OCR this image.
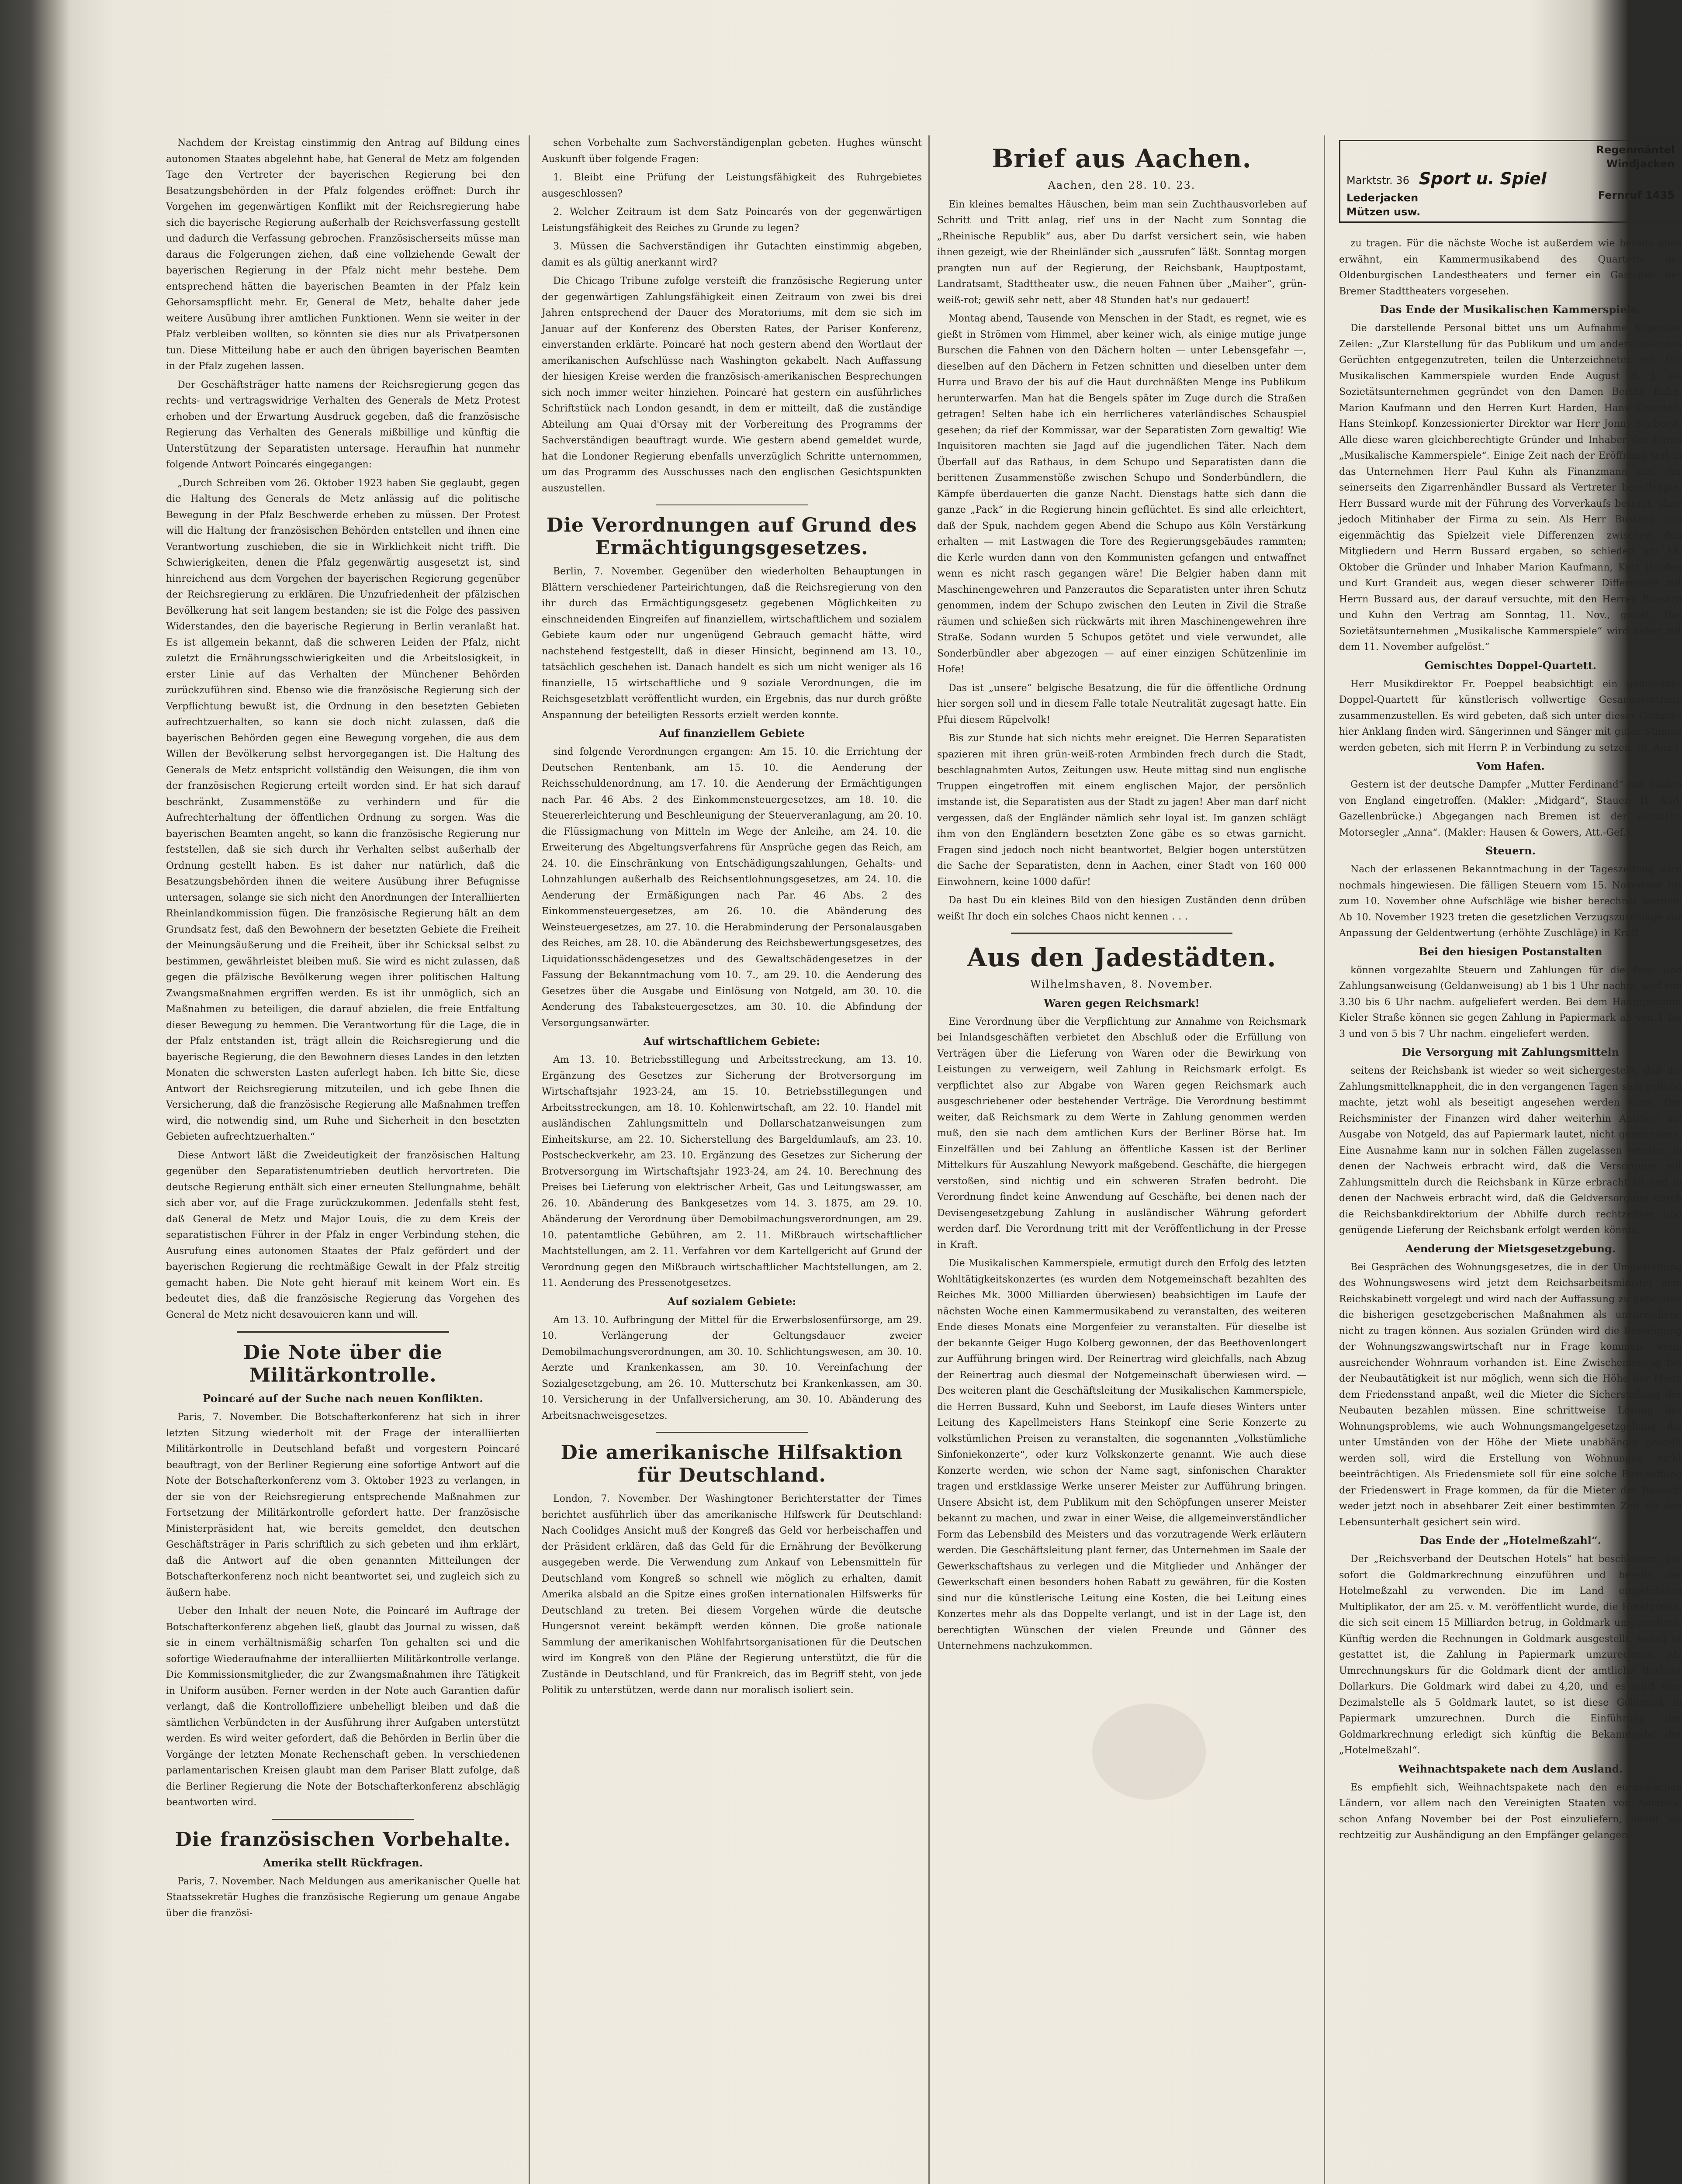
Nachdem der Kreistag einstimmig den Antrag auf Bildung eines autonomen Staates abgelehnt habe, hat General de Metz am folgenden Tage den Vertreter der bayerischen Regierung bei den Besatzungsbehörden in der Pfalz folgendes eröffnet: Durch ihr Vorgehen im gegenwärtigen Konflikt mit der Reichsregierung habe sich die bayerische Regierung außerhalb der Reichsverfassung gestellt und dadurch die Verfassung gebrochen. Französischerseits müsse man daraus die Folgerungen ziehen, daß eine vollziehende Gewalt der bayerischen Regierung in der Pfalz nicht mehr bestehe. Dem entsprechend hätten die bayerischen Beamten in der Pfalz kein Gehorsamspflicht mehr. Er, General de Metz, behalte daher jede weitere Ausübung ihrer amtlichen Funktionen. Wenn sie weiter in der Pfalz verbleiben wollten, so könnten sie dies nur als Privatpersonen tun. Diese Mitteilung habe er auch den übrigen bayerischen Beamten in der Pfalz zugehen lassen.

Der Geschäftsträger hatte namens der Reichsregierung gegen das rechts- und vertragswidrige Verhalten des Generals de Metz Protest erhoben und der Erwartung Ausdruck gegeben, daß die französische Regierung das Verhalten des Generals mißbillige und künftig die Unterstützung der Separatisten untersage. Heraufhin hat nunmehr folgende Antwort Poincarés eingegangen:

„Durch Schreiben vom 26. Oktober 1923 haben Sie geglaubt, gegen die Haltung des Generals de Metz anlässig auf die politische Bewegung in der Pfalz Beschwerde erheben zu müssen. Der Protest will die Haltung der französischen Behörden entstellen und ihnen eine Verantwortung zuschieben, die sie in Wirklichkeit nicht trifft. Die Schwierigkeiten, denen die Pfalz gegenwärtig ausgesetzt ist, sind hinreichend aus dem Vorgehen der bayerischen Regierung gegenüber der Reichsregierung zu erklären. Die Unzufriedenheit der pfälzischen Bevölkerung hat seit langem bestanden; sie ist die Folge des passiven Widerstandes, den die bayerische Regierung in Berlin veranlaßt hat. Es ist allgemein bekannt, daß die schweren Leiden der Pfalz, nicht zuletzt die Ernährungsschwierigkeiten und die Arbeitslosigkeit, in erster Linie auf das Verhalten der Münchener Behörden zurückzuführen sind. Ebenso wie die französische Regierung sich der Verpflichtung bewußt ist, die Ordnung in den besetzten Gebieten aufrechtzuerhalten, so kann sie doch nicht zulassen, daß die bayerischen Behörden gegen eine Bewegung vorgehen, die aus dem Willen der Bevölkerung selbst hervorgegangen ist. Die Haltung des Generals de Metz entspricht vollständig den Weisungen, die ihm von der französischen Regierung erteilt worden sind. Er hat sich darauf beschränkt, Zusammenstöße zu verhindern und für die Aufrechterhaltung der öffentlichen Ordnung zu sorgen. Was die bayerischen Beamten angeht, so kann die französische Regierung nur feststellen, daß sie sich durch ihr Verhalten selbst außerhalb der Ordnung gestellt haben. Es ist daher nur natürlich, daß die Besatzungsbehörden ihnen die weitere Ausübung ihrer Befugnisse untersagen, solange sie sich nicht den Anordnungen der Interalliierten Rheinlandkommission fügen. Die französische Regierung hält an dem Grundsatz fest, daß den Bewohnern der besetzten Gebiete die Freiheit der Meinungsäußerung und die Freiheit, über ihr Schicksal selbst zu bestimmen, gewährleistet bleiben muß. Sie wird es nicht zulassen, daß gegen die pfälzische Bevölkerung wegen ihrer politischen Haltung Zwangsmaßnahmen ergriffen werden. Es ist ihr unmöglich, sich an Maßnahmen zu beteiligen, die darauf abzielen, die freie Entfaltung dieser Bewegung zu hemmen. Die Verantwortung für die Lage, die in der Pfalz entstanden ist, trägt allein die Reichsregierung und die bayerische Regierung, die den Bewohnern dieses Landes in den letzten Monaten die schwersten Lasten auferlegt haben. Ich bitte Sie, diese Antwort der Reichsregierung mitzuteilen, und ich gebe Ihnen die Versicherung, daß die französische Regierung alle Maßnahmen treffen wird, die notwendig sind, um Ruhe und Sicherheit in den besetzten Gebieten aufrechtzuerhalten.“

Diese Antwort läßt die Zweideutigkeit der französischen Haltung gegenüber den Separatistenumtrieben deutlich hervortreten. Die deutsche Regierung enthält sich einer erneuten Stellungnahme, behält sich aber vor, auf die Frage zurückzukommen. Jedenfalls steht fest, daß General de Metz und Major Louis, die zu dem Kreis der separatistischen Führer in der Pfalz in enger Verbindung stehen, die Ausrufung eines autonomen Staates der Pfalz gefördert und der bayerischen Regierung die rechtmäßige Gewalt in der Pfalz streitig gemacht haben. Die Note geht hierauf mit keinem Wort ein. Es bedeutet dies, daß die französische Regierung das Vorgehen des General de Metz nicht desavouieren kann und will.

Die Note über die Militärkontrolle.
Poincaré auf der Suche nach neuen Konflikten.

Paris, 7. November. Die Botschafterkonferenz hat sich in ihrer letzten Sitzung wiederholt mit der Frage der interalliierten Militärkontrolle in Deutschland befaßt und vorgestern Poincaré beauftragt, von der Berliner Regierung eine sofortige Antwort auf die Note der Botschafterkonferenz vom 3. Oktober 1923 zu verlangen, in der sie von der Reichsregierung entsprechende Maßnahmen zur Fortsetzung der Militärkontrolle gefordert hatte. Der französische Ministerpräsident hat, wie bereits gemeldet, den deutschen Geschäftsträger in Paris schriftlich zu sich gebeten und ihm erklärt, daß die Antwort auf die oben genannten Mitteilungen der Botschafterkonferenz noch nicht beantwortet sei, und zugleich sich zu äußern habe.

Ueber den Inhalt der neuen Note, die Poincaré im Auftrage der Botschafterkonferenz abgehen ließ, glaubt das Journal zu wissen, daß sie in einem verhältnismäßig scharfen Ton gehalten sei und die sofortige Wiederaufnahme der interalliierten Militärkontrolle verlange. Die Kommissionsmitglieder, die zur Zwangsmaßnahmen ihre Tätigkeit in Uniform ausüben. Ferner werden in der Note auch Garantien dafür verlangt, daß die Kontrolloffiziere unbehelligt bleiben und daß die sämtlichen Verbündeten in der Ausführung ihrer Aufgaben unterstützt werden. Es wird weiter gefordert, daß die Behörden in Berlin über die Vorgänge der letzten Monate Rechenschaft geben. In verschiedenen parlamentarischen Kreisen glaubt man dem Pariser Blatt zufolge, daß die Berliner Regierung die Note der Botschafterkonferenz abschlägig beantworten wird.

Die französischen Vorbehalte.
Amerika stellt Rückfragen.

Paris, 7. November. Nach Meldungen aus amerikanischer Quelle hat Staatssekretär Hughes die französische Regierung um genaue Angabe über die französi-

schen Vorbehalte zum Sachverständigenplan gebeten. Hughes wünscht Auskunft über folgende Fragen:

1. Bleibt eine Prüfung der Leistungsfähigkeit des Ruhrgebietes ausgeschlossen?

2. Welcher Zeitraum ist dem Satz Poincarés von der gegenwärtigen Leistungsfähigkeit des Reiches zu Grunde zu legen?

3. Müssen die Sachverständigen ihr Gutachten einstimmig abgeben, damit es als gültig anerkannt wird?

Die Chicago Tribune zufolge versteift die französische Regierung unter der gegenwärtigen Zahlungsfähigkeit einen Zeitraum von zwei bis drei Jahren entsprechend der Dauer des Moratoriums, mit dem sie sich im Januar auf der Konferenz des Obersten Rates, der Pariser Konferenz, einverstanden erklärte. Poincaré hat noch gestern abend den Wortlaut der amerikanischen Aufschlüsse nach Washington gekabelt. Nach Auffassung der hiesigen Kreise werden die französisch-amerikanischen Besprechungen sich noch immer weiter hinziehen. Poincaré hat gestern ein ausführliches Schriftstück nach London gesandt, in dem er mitteilt, daß die zuständige Abteilung am Quai d'Orsay mit der Vorbereitung des Programms der Sachverständigen beauftragt wurde. Wie gestern abend gemeldet wurde, hat die Londoner Regierung ebenfalls unverzüglich Schritte unternommen, um das Programm des Ausschusses nach den englischen Gesichtspunkten auszustellen.

Die Verordnungen auf Grund des Ermächtigungsgesetzes.

Berlin, 7. November. Gegenüber den wiederholten Behauptungen in Blättern verschiedener Parteirichtungen, daß die Reichsregierung von den ihr durch das Ermächtigungsgesetz gegebenen Möglichkeiten zu einschneidenden Eingreifen auf finanziellem, wirtschaftlichem und sozialem Gebiete kaum oder nur ungenügend Gebrauch gemacht hätte, wird nachstehend festgestellt, daß in dieser Hinsicht, beginnend am 13. 10., tatsächlich geschehen ist. Danach handelt es sich um nicht weniger als 16 finanzielle, 15 wirtschaftliche und 9 soziale Verordnungen, die im Reichsgesetzblatt veröffentlicht wurden, ein Ergebnis, das nur durch größte Anspannung der beteiligten Ressorts erzielt werden konnte.

Auf finanziellem Gebiete

sind folgende Verordnungen ergangen: Am 15. 10. die Errichtung der Deutschen Rentenbank, am 15. 10. die Aenderung der Reichsschuldenordnung, am 17. 10. die Aenderung der Ermächtigungen nach Par. 46 Abs. 2 des Einkommensteuergesetzes, am 18. 10. die Steuererleichterung und Beschleunigung der Steuerveranlagung, am 20. 10. die Flüssigmachung von Mitteln im Wege der Anleihe, am 24. 10. die Erweiterung des Abgeltungsverfahrens für Ansprüche gegen das Reich, am 24. 10. die Einschränkung von Entschädigungszahlungen, Gehalts- und Lohnzahlungen außerhalb des Reichsentlohnungsgesetzes, am 24. 10. die Aenderung der Ermäßigungen nach Par. 46 Abs. 2 des Einkommensteuergesetzes, am 26. 10. die Abänderung des Weinsteuergesetzes, am 27. 10. die Herabminderung der Personalausgaben des Reiches, am 28. 10. die Abänderung des Reichsbewertungsgesetzes, des Liquidationsschädengesetzes und des Gewaltschädengesetzes in der Fassung der Bekanntmachung vom 10. 7., am 29. 10. die Aenderung des Gesetzes über die Ausgabe und Einlösung von Notgeld, am 30. 10. die Aenderung des Tabaksteuergesetzes, am 30. 10. die Abfindung der Versorgungsanwärter.

Auf wirtschaftlichem Gebiete:

Am 13. 10. Betriebsstillegung und Arbeitsstreckung, am 13. 10. Ergänzung des Gesetzes zur Sicherung der Brotversorgung im Wirtschaftsjahr 1923-24, am 15. 10. Betriebsstillegungen und Arbeitsstreckungen, am 18. 10. Kohlenwirtschaft, am 22. 10. Handel mit ausländischen Zahlungsmitteln und Dollarschatzanweisungen zum Einheitskurse, am 22. 10. Sicherstellung des Bargeldumlaufs, am 23. 10. Postscheckverkehr, am 23. 10. Ergänzung des Gesetzes zur Sicherung der Brotversorgung im Wirtschaftsjahr 1923-24, am 24. 10. Berechnung des Preises bei Lieferung von elektrischer Arbeit, Gas und Leitungswasser, am 26. 10. Abänderung des Bankgesetzes vom 14. 3. 1875, am 29. 10. Abänderung der Verordnung über Demobilmachungsverordnungen, am 29. 10. patentamtliche Gebühren, am 2. 11. Mißbrauch wirtschaftlicher Machtstellungen, am 2. 11. Verfahren vor dem Kartellgericht auf Grund der Verordnung gegen den Mißbrauch wirtschaftlicher Machtstellungen, am 2. 11. Aenderung des Pressenotgesetzes.

Auf sozialem Gebiete:

Am 13. 10. Aufbringung der Mittel für die Erwerbslosenfürsorge, am 29. 10. Verlängerung der Geltungsdauer zweier Demobilmachungsverordnungen, am 30. 10. Schlichtungswesen, am 30. 10. Aerzte und Krankenkassen, am 30. 10. Vereinfachung der Sozialgesetzgebung, am 26. 10. Mutterschutz bei Krankenkassen, am 30. 10. Versicherung in der Unfallversicherung, am 30. 10. Abänderung des Arbeitsnachweisgesetzes.

Die amerikanische Hilfsaktion für Deutschland.

London, 7. November. Der Washingtoner Berichterstatter der Times berichtet ausführlich über das amerikanische Hilfswerk für Deutschland: Nach Coolidges Ansicht muß der Kongreß das Geld vor herbeischaffen und der Präsident erklären, daß das Geld für die Ernährung der Bevölkerung ausgegeben werde. Die Verwendung zum Ankauf von Lebensmitteln für Deutschland vom Kongreß so schnell wie möglich zu erhalten, damit Amerika alsbald an die Spitze eines großen internationalen Hilfswerks für Deutschland zu treten. Bei diesem Vorgehen würde die deutsche Hungersnot vereint bekämpft werden können. Die große nationale Sammlung der amerikanischen Wohlfahrtsorganisationen für die Deutschen wird im Kongreß von den Pläne der Regierung unterstützt, die für die Zustände in Deutschland, und für Frankreich, das im Begriff steht, von jede Politik zu unterstützen, werde dann nur moralisch isoliert sein.

Brief aus Aachen.
Aachen, den 28. 10. 23.

Ein kleines bemaltes Häuschen, beim man sein Zuchthausvorleben auf Schritt und Tritt anlag, rief uns in der Nacht zum Sonntag die „Rheinische Republik“ aus, aber Du darfst versichert sein, wie haben ihnen gezeigt, wie der Rheinländer sich „aussrufen“ läßt. Sonntag morgen prangten nun auf der Regierung, der Reichsbank, Hauptpostamt, Landratsamt, Stadttheater usw., die neuen Fahnen über „Maiher“, grün-weiß-rot; gewiß sehr nett, aber 48 Stunden hat's nur gedauert!

Montag abend, Tausende von Menschen in der Stadt, es regnet, wie es gießt in Strömen vom Himmel, aber keiner wich, als einige mutige junge Burschen die Fahnen von den Dächern holten — unter Lebensgefahr —, dieselben auf den Dächern in Fetzen schnitten und dieselben unter dem Hurra und Bravo der bis auf die Haut durchnäßten Menge ins Publikum herunterwarfen. Man hat die Bengels später im Zuge durch die Straßen getragen! Selten habe ich ein herrlicheres vaterländisches Schauspiel gesehen; da rief der Kommissar, war der Separatisten Zorn gewaltig! Wie Inquisitoren machten sie Jagd auf die jugendlichen Täter. Nach dem Überfall auf das Rathaus, in dem Schupo und Separatisten dann die berittenen Zusammenstöße zwischen Schupo und Sonderbündlern, die Kämpfe überdauerten die ganze Nacht. Dienstags hatte sich dann die ganze „Pack“ in die Regierung hinein geflüchtet. Es sind alle erleichtert, daß der Spuk, nachdem gegen Abend die Schupo aus Köln Verstärkung erhalten — mit Lastwagen die Tore des Regierungsgebäudes rammten; die Kerle wurden dann von den Kommunisten gefangen und entwaffnet wenn es nicht rasch gegangen wäre! Die Belgier haben dann mit Maschinengewehren und Panzerautos die Separatisten unter ihren Schutz genommen, indem der Schupo zwischen den Leuten in Zivil die Straße räumen und schießen sich rückwärts mit ihren Maschinengewehren ihre Straße. Sodann wurden 5 Schupos getötet und viele verwundet, alle Sonderbündler aber abgezogen — auf einer einzigen Schützenlinie im Hofe!

Das ist „unsere“ belgische Besatzung, die für die öffentliche Ordnung hier sorgen soll und in diesem Falle totale Neutralität zugesagt hatte. Ein Pfui diesem Rüpelvolk!

Bis zur Stunde hat sich nichts mehr ereignet. Die Herren Separatisten spazieren mit ihren grün-weiß-roten Armbinden frech durch die Stadt, beschlagnahmten Autos, Zeitungen usw. Heute mittag sind nun englische Truppen eingetroffen mit einem englischen Major, der persönlich imstande ist, die Separatisten aus der Stadt zu jagen! Aber man darf nicht vergessen, daß der Engländer nämlich sehr loyal ist. Im ganzen schlägt ihm von den Engländern besetzten Zone gäbe es so etwas garnicht. Fragen sind jedoch noch nicht beantwortet, Belgier bogen unterstützen die Sache der Separatisten, denn in Aachen, einer Stadt von 160 000 Einwohnern, keine 1000 dafür!

Da hast Du ein kleines Bild von den hiesigen Zuständen denn drüben weißt Ihr doch ein solches Chaos nicht kennen . . .

Aus den Jadestädten.
Wilhelmshaven, 8. November.
Waren gegen Reichsmark!

Eine Verordnung über die Verpflichtung zur Annahme von Reichsmark bei Inlandsgeschäften verbietet den Abschluß oder die Erfüllung von Verträgen über die Lieferung von Waren oder die Bewirkung von Leistungen zu verweigern, weil Zahlung in Reichsmark erfolgt. Es verpflichtet also zur Abgabe von Waren gegen Reichsmark auch ausgeschriebener oder bestehender Verträge. Die Verordnung bestimmt weiter, daß Reichsmark zu dem Werte in Zahlung genommen werden muß, den sie nach dem amtlichen Kurs der Berliner Börse hat. Im Einzelfällen und bei Zahlung an öffentliche Kassen ist der Berliner Mittelkurs für Auszahlung Newyork maßgebend. Geschäfte, die hiergegen verstoßen, sind nichtig und ein schweren Strafen bedroht. Die Verordnung findet keine Anwendung auf Geschäfte, bei denen nach der Devisengesetzgebung Zahlung in ausländischer Währung gefordert werden darf. Die Verordnung tritt mit der Veröffentlichung in der Presse in Kraft.

Die Musikalischen Kammerspiele, ermutigt durch den Erfolg des letzten Wohltätigkeitskonzertes (es wurden dem Notgemeinschaft bezahlten des Reiches Mk. 3000 Milliarden überwiesen) beabsichtigen im Laufe der nächsten Woche einen Kammermusikabend zu veranstalten, des weiteren Ende dieses Monats eine Morgenfeier zu veranstalten. Für dieselbe ist der bekannte Geiger Hugo Kolberg gewonnen, der das Beethovenlongert zur Aufführung bringen wird. Der Reinertrag wird gleichfalls, nach Abzug der Reinertrag auch diesmal der Notgemeinschaft überwiesen wird. — Des weiteren plant die Geschäftsleitung der Musikalischen Kammerspiele, die Herren Bussard, Kuhn und Seeborst, im Laufe dieses Winters unter Leitung des Kapellmeisters Hans Steinkopf eine Serie Konzerte zu volkstümlichen Preisen zu veranstalten, die sogenannten „Volkstümliche Sinfoniekonzerte“, oder kurz Volkskonzerte genannt. Wie auch diese Konzerte werden, wie schon der Name sagt, sinfonischen Charakter tragen und erstklassige Werke unserer Meister zur Aufführung bringen. Unsere Absicht ist, dem Publikum mit den Schöpfungen unserer Meister bekannt zu machen, und zwar in einer Weise, die allgemeinverständlicher Form das Lebensbild des Meisters und das vorzutragende Werk erläutern werden. Die Geschäftsleitung plant ferner, das Unternehmen im Saale der Gewerkschaftshaus zu verlegen und die Mitglieder und Anhänger der Gewerkschaft einen besonders hohen Rabatt zu gewähren, für die Kosten sind nur die künstlerische Leitung eine Kosten, die bei Leitung eines Konzertes mehr als das Doppelte verlangt, und ist in der Lage ist, den berechtigten Wünschen der vielen Freunde und Gönner des Unternehmens nachzukommen.

Regenmäntel
Windjacken
Marktstr. 36 Sport u. Spiel
Fernruf 1435
Lederjacken
Mützen usw.

zu tragen. Für die nächste Woche ist außerdem wie bereits oben erwähnt, ein Kammermusikabend des Quartetts des Oldenburgischen Landestheaters und ferner ein Gastspiel des Bremer Stadttheaters vorgesehen.

Das Ende der Musikalischen Kammerspiele.

Die darstellende Personal bittet uns um Aufnahme folgender Zeilen: „Zur Klarstellung für das Publikum und um anderslautenden Gerüchten entgegenzutreten, teilen die Unterzeichneten mit: Die Musikalischen Kammerspiele wurden Ende August d. J. als Sozietätsunternehmen gegründet von den Damen Bertha Kuhn, Marion Kaufmann und den Herren Kurt Harden, Hans Grandeit, Hans Steinkopf. Konzessionierter Direktor war Herr Jonny Seeborst. Alle diese waren gleichberechtigte Gründer und Inhaber der Firma „Musikalische Kammerspiele“. Einige Zeit nach der Eröffnung trat in das Unternehmen Herr Paul Kuhn als Finanzmann ein, der seinerseits den Zigarrenhändler Bussard als Vertreter beauftragte. Herr Bussard wurde mit der Führung des Vorverkaufs betraut, ohne jedoch Mitinhaber der Firma zu sein. Als Herr Bussard nun eigenmächtig das Spielzeit viele Differenzen zwischen den Mitgliedern und Herrn Bussard ergaben, so schieden am 18. Oktober die Gründer und Inhaber Marion Kaufmann, Kurt Harden und Kurt Grandeit aus, wegen dieser schwerer Differenzen mit Herrn Bussard aus, der darauf versuchte, mit den Herren Bussard und Kuhn den Vertrag am Sonntag, 11. Nov., gelöst. Das Sozietätsunternehmen „Musikalische Kammerspiele“ wird daher mit dem 11. November aufgelöst.“

Gemischtes Doppel-Quartett.

Herr Musikdirektor Fr. Poeppel beabsichtigt ein gemischtes Doppel-Quartett für künstlerisch vollwertige Gesangsvorträge zusammenzustellen. Es wird gebeten, daß sich unter dieser Gedanke hier Anklang finden wird. Sängerinnen und Sänger mit guter Stimme werden gebeten, sich mit Herrn P. in Verbindung zu setzen. (S. Anz.)

Vom Hafen.

Gestern ist der deutsche Dampfer „Mutter Ferdinand“ mit Kohlen von England eingetroffen. (Makler: „Midgard“, Stauer: H. Aud, Gazellenbrücke.) Abgegangen nach Bremen ist der deutsche Motorsegler „Anna“. (Makler: Hausen & Gowers, Att.-Gef.)

Steuern.

Nach der erlassenen Bekanntmachung in der Tageszeitung wird nochmals hingewiesen. Die fälligen Steuern vom 15. November bis zum 10. November ohne Aufschläge wie bisher berechnet werden. Ab 10. November 1923 treten die gesetzlichen Verzugszuschläge zur Anpassung der Geldentwertung (erhöhte Zuschläge) in Kraft.

Bei den hiesigen Postanstalten

können vorgezahlte Steuern und Zahlungen für die Post- und Zahlungsanweisung (Geldanweisung) ab 1 bis 1 Uhr nachm. und von 3.30 bis 6 Uhr nachm. aufgeliefert werden. Bei dem Hauptpostamt Kieler Straße können sie gegen Zahlung in Papiermark ab von 1 bis 3 und von 5 bis 7 Uhr nachm. eingeliefert werden.

Die Versorgung mit Zahlungsmitteln

seitens der Reichsbank ist wieder so weit sichergestellt, daß die Zahlungsmittelknappheit, die in den vergangenen Tagen sich geltend machte, jetzt wohl als beseitigt angesehen werden kann. Der Reichsminister der Finanzen wird daher weiterhin Anträge auf Ausgabe von Notgeld, das auf Papiermark lautet, nicht genehmigen. Eine Ausnahme kann nur in solchen Fällen zugelassen werden, in denen der Nachweis erbracht wird, daß die Versorgung mit Zahlungsmitteln durch die Reichsbank in Kürze erbracht ist und in denen der Nachweis erbracht wird, daß die Geldversorgung durch die Reichsbankdirektorium der Abhilfe durch rechtzeitige und genügende Lieferung der Reichsbank erfolgt werden könnte.

Aenderung der Mietsgesetzgebung.

Bei Gesprächen des Wohnungsgesetzes, die in der Umgestaltung des Wohnungswesens wird jetzt dem Reichsarbeitsminister dem Reichskabinett vorgelegt und wird nach der Auffassung zu gebe, daß die bisherigen gesetzgeberischen Maßnahmen als unzureichend nicht zu tragen können. Aus sozialen Gründen wird die Beseitigung der Wohnungszwangswirtschaft nur in Frage kommen, wenn ausreichender Wohnraum vorhanden ist. Eine Zwischenlösung bei der Neubautätigkeit ist nur möglich, wenn sich die Höhe der Miete dem Friedensstand anpaßt, weil die Mieter die Sicherstellung der Neubauten bezahlen müssen. Eine schrittweise Lösung des Wohnungsproblems, wie auch Wohnungsmangelgesetzgebung, die unter Umständen von der Höhe der Miete unabhängig gestellt werden soll, wird die Erstellung von Wohnungen nicht beeinträchtigen. Als Friedensmiete soll für eine solche Beschaffung der Friedenswert in Frage kommen, da für die Mieter der Baustoff weder jetzt noch in absehbarer Zeit einer bestimmten Zeit für den Lebensunterhalt gesichert sein wird.

Das Ende der „Hotelmeßzahl“.

Der „Reichsverband der Deutschen Hotels“ hat beschlossen, per sofort die Goldmarkrechnung einzuführen und bereits der Hotelmeßzahl zu verwenden. Die im Land eingeführten Multiplikator, der am 25. v. M. veröffentlicht wurde, die Hotelpreise, die sich seit einem 15 Milliarden betrug, in Goldmark umgerechnet. Künftig werden die Rechnungen in Goldmark ausgestellt, wobei es gestattet ist, die Zahlung in Papiermark umzurechnen. Als Umrechnungskurs für die Goldmark dient der amtliche Berliner Dollarkurs. Die Goldmark wird dabei zu 4,20, und es wird eine Dezimalstelle als 5 Goldmark lautet, so ist diese Goldmark in Papiermark umzurechnen. Durch die Einführung der Goldmarkrechnung erledigt sich künftig die Bekanntgabe der „Hotelmeßzahl“.

Weihnachtspakete nach dem Ausland.

Es empfiehlt sich, Weihnachtspakete nach den europäischen Ländern, vor allem nach den Vereinigten Staaten von Amerika, schon Anfang November bei der Post einzuliefern, damit sie rechtzeitig zur Aushändigung an den Empfänger gelangen.
